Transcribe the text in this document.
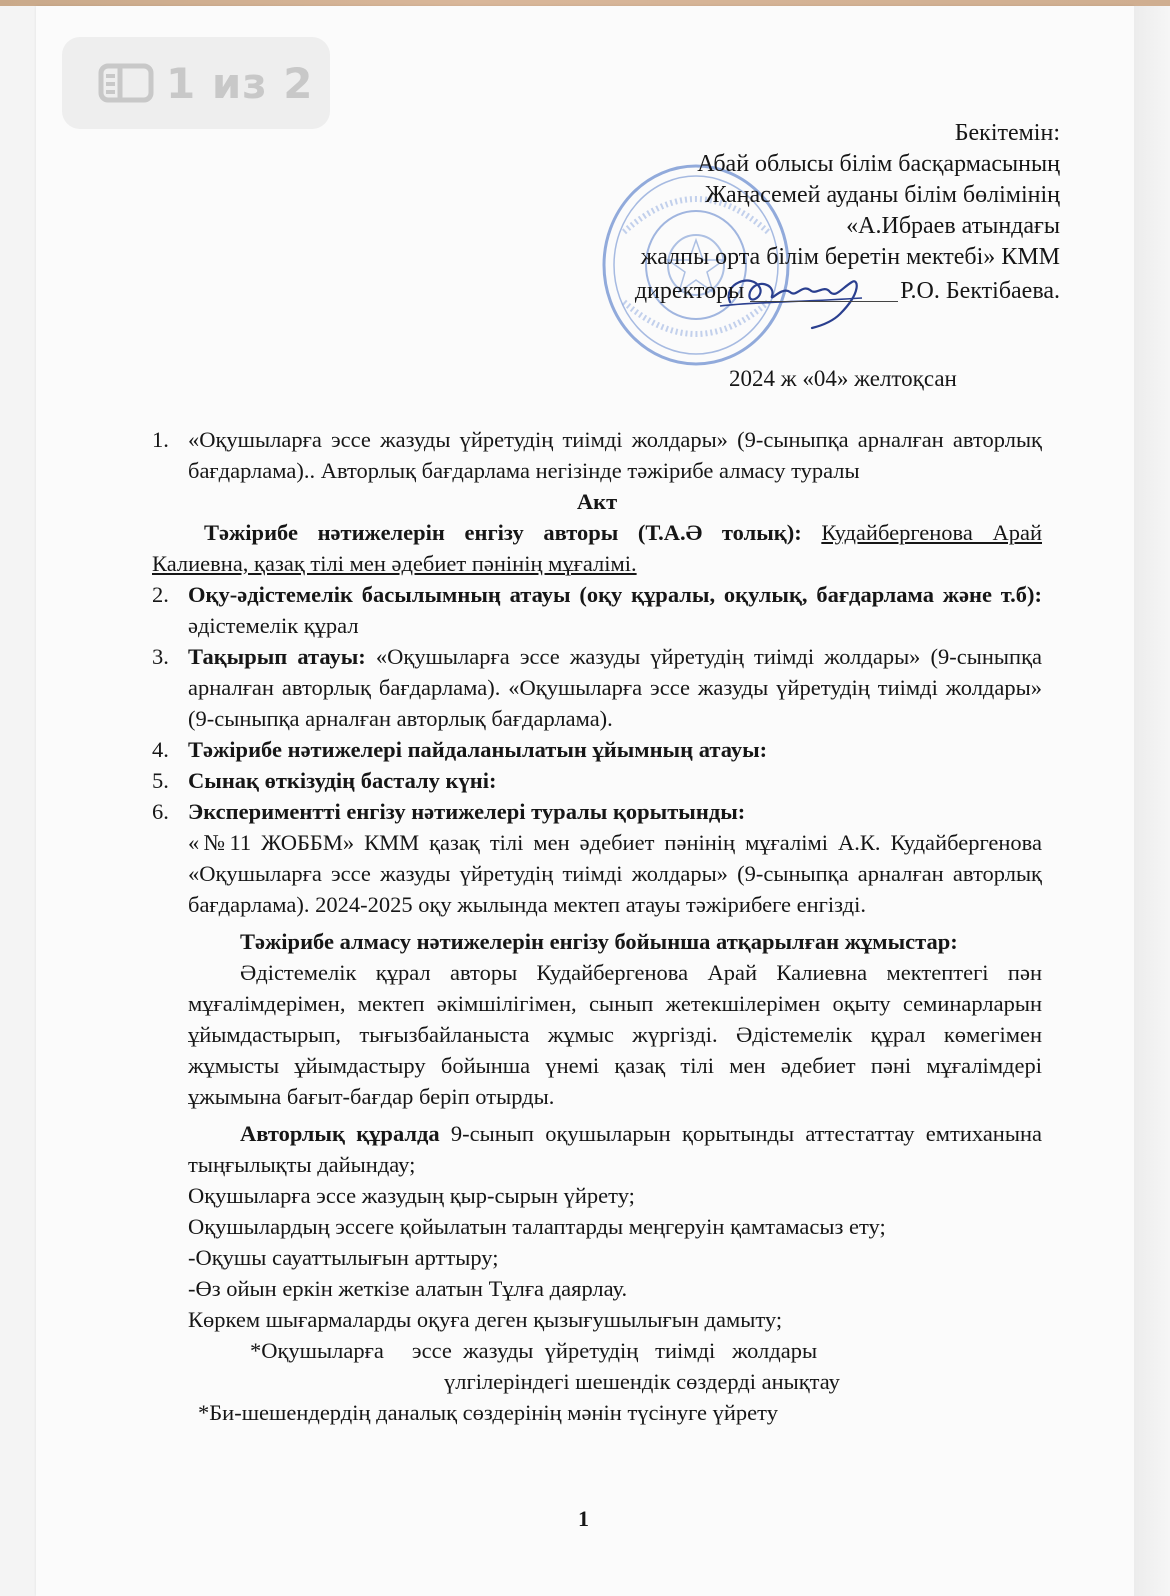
1 из 2
Бекітемін:
Абай облысы білім басқармасының
Жаңасемей ауданы білім бөлімінің
«А.Ибраев атындағы
жалпы орта білім беретін мектебі» КММ
директоры	Р.О. Бектібаева.
2024 ж «04» желтоқсан
1. «Оқушыларға эссе жазуды үйретудің тиімді жолдары» (9-сыныпқа арналған авторлық бағдарлама).. Авторлық бағдарлама негізінде тәжірибе алмасу туралы
Акт
Тәжірибе нәтижелерін енгізу авторы (Т.А.Ә толық): Кудайбергенова Арай Калиевна, қазақ тілі мен әдебиет пәнінің мұғалімі.
2. Оқу-әдістемелік басылымның атауы (оқу құралы, оқулық, бағдарлама және т.б): әдістемелік құрал
3. Тақырып атауы: «Оқушыларға эссе жазуды үйретудің тиімді жолдары» (9-сыныпқа арналған авторлық бағдарлама). «Оқушыларға эссе жазуды үйретудің тиімді жолдары» (9-сыныпқа арналған авторлық бағдарлама).
4. Тәжірибе нәтижелері пайдаланылатын ұйымның атауы:
5. Сынақ өткізудің басталу күні:
6. Экспериментті енгізу нәтижелері туралы қорытынды:
«№11 ЖОББМ» КММ қазақ тілі мен әдебиет пәнінің мұғалімі А.К. Кудайбергенова «Оқушыларға эссе жазуды үйретудің тиімді жолдары» (9-сыныпқа арналған авторлық бағдарлама). 2024-2025 оқу жылында мектеп атауы тәжірибеге енгізді.
Тәжірибе алмасу нәтижелерін енгізу бойынша атқарылған жұмыстар:
Әдістемелік құрал авторы Кудайбергенова Арай Калиевна мектептегі пән мұғалімдерімен, мектеп әкімшілігімен, сынып жетекшілерімен оқыту семинарларын ұйымдастырып, тығызбайланыста жұмыс жүргізді. Әдістемелік құрал көмегімен жұмысты ұйымдастыру бойынша үнемі қазақ тілі мен әдебиет пәні мұғалімдері ұжымына бағыт-бағдар беріп отырды.
Авторлық құралда 9-сынып оқушыларын қорытынды аттестаттау емтиханына тыңғылықты дайындау;
Оқушыларға эссе жазудың қыр-сырын үйрету;
Оқушылардың эссеге қойылатын талаптарды меңгеруін қамтамасыз ету;
-Оқушы сауаттылығын арттыру;
-Өз ойын еркін жеткізе алатын Тұлға даярлау.
Көркем шығармаларды оқуға деген қызығушылығын дамыту;
*Оқушыларға     эссе  жазуды  үйретудің   тиімді   жолдары
үлгілеріндегі шешендік сөздерді анықтау
*Би-шешендердің даналық сөздерінің мәнін түсінуге үйрету
1
